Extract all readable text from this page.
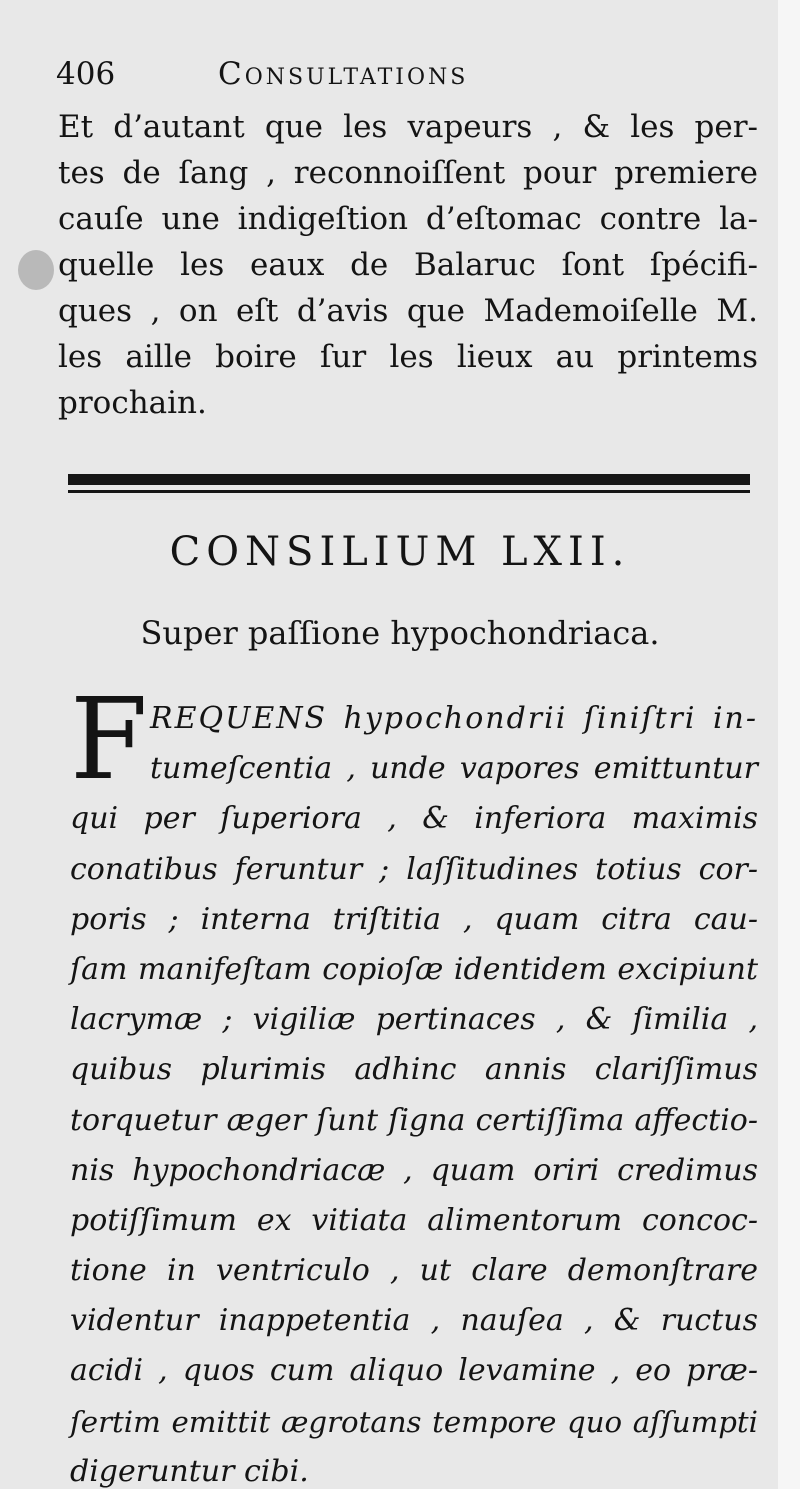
406	Consultations
Et d’autant que les vapeurs , & les per-
tes de ſang , reconnoiſſent pour premiere
cauſe une indigeſtion d’eſtomac contre la-
quelle les eaux de Balaruc ſont ſpécifi-
ques , on eſt d’avis que Mademoiſelle M.
les aille boire ſur les lieux au printems
prochain.
CONSILIUM LXII.
Super paſſione hypochondriaca.
F REQUENS hypochondrii ſiniſtri in-
tumeſcentia , unde vapores emittuntur
qui per ſuperiora , & inferiora maximis
conatibus feruntur ; laſſitudines totius cor-
poris ; interna triſtitia , quam citra cau-
ſam manifeſtam copioſæ identidem excipiunt
lacrymæ ; vigiliæ pertinaces , & ſimilia ,
quibus plurimis adhinc annis clariſſimus
torquetur æger ſunt ſigna certiſſima affectio-
nis hypochondriacæ , quam oriri credimus
potiſſimum ex vitiata alimentorum concoc-
tione in ventriculo , ut clare demonſtrare
videntur inappetentia , nauſea , & ructus
acidi , quos cum aliquo levamine , eo præ-
ſertim emittit ægrotans tempore quo aſſumpti
digeruntur cibi.
